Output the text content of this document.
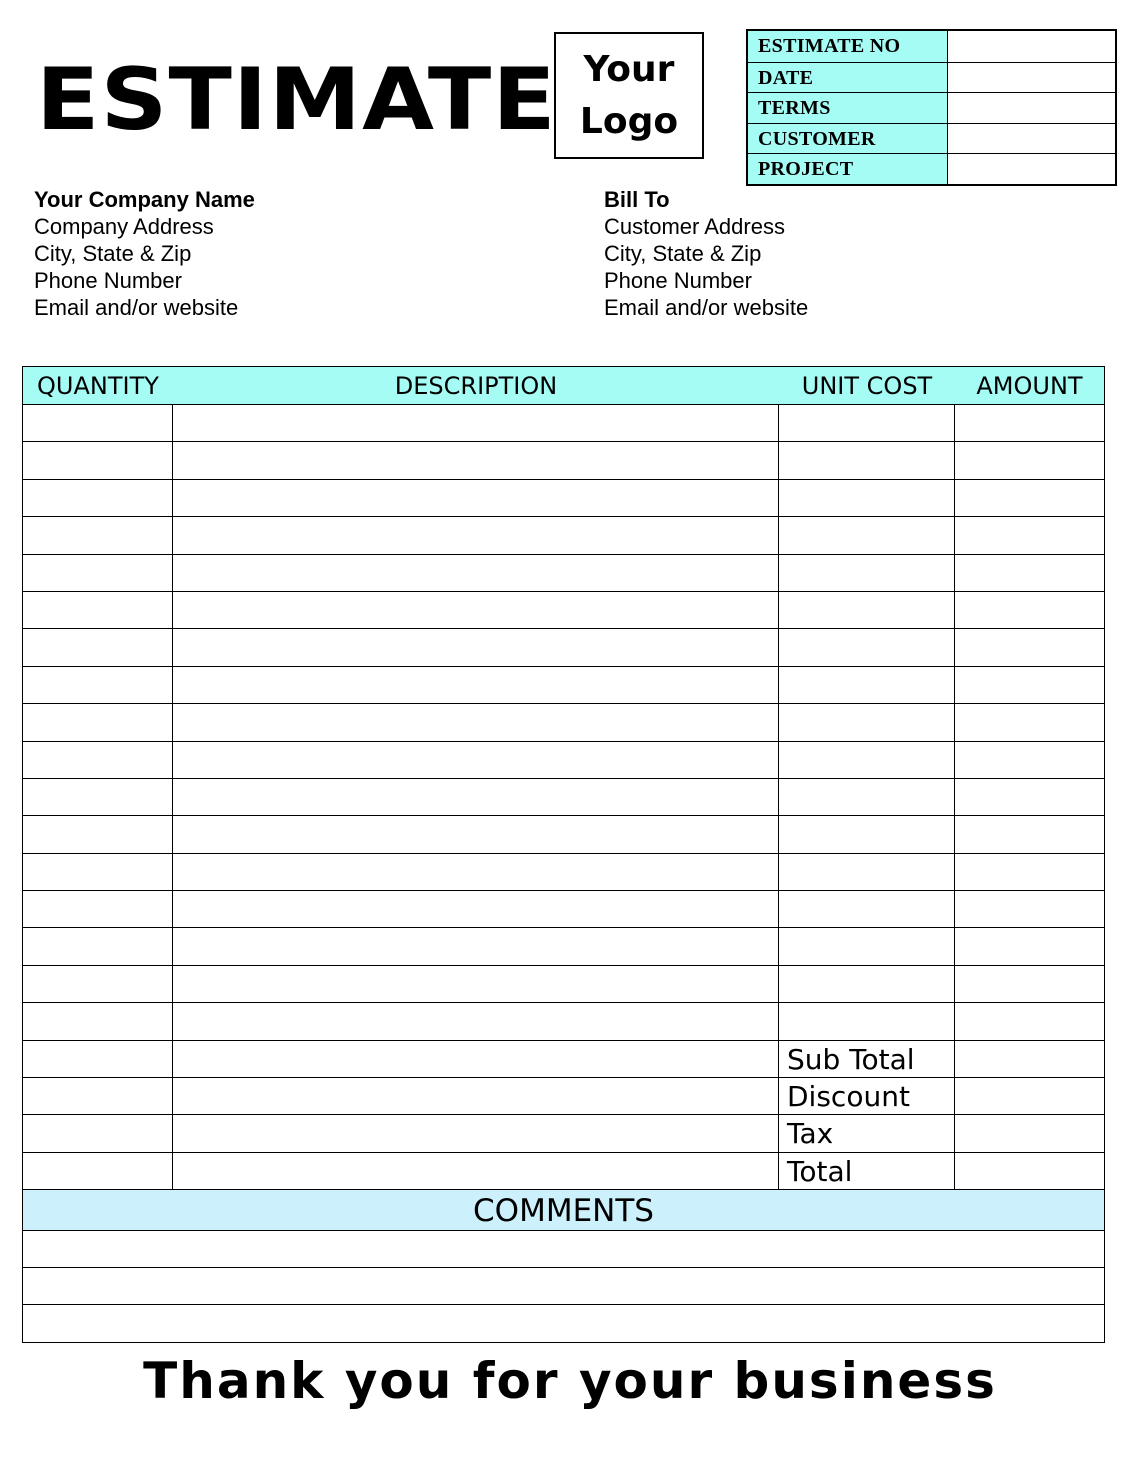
ESTIMATE Your
Logo
ESTIMATE NO
DATE
TERMS
CUSTOMER
PROJECT
Your Company Name
Company Address
City, State & Zip
Phone Number
Email and/or website
Bill To
Customer Address
City, State & Zip
Phone Number
Email and/or website
QUANTITY	DESCRIPTION	UNIT COST	AMOUNT
Sub Total
Discount
Tax
Total
COMMENTS
Thank you for your business
